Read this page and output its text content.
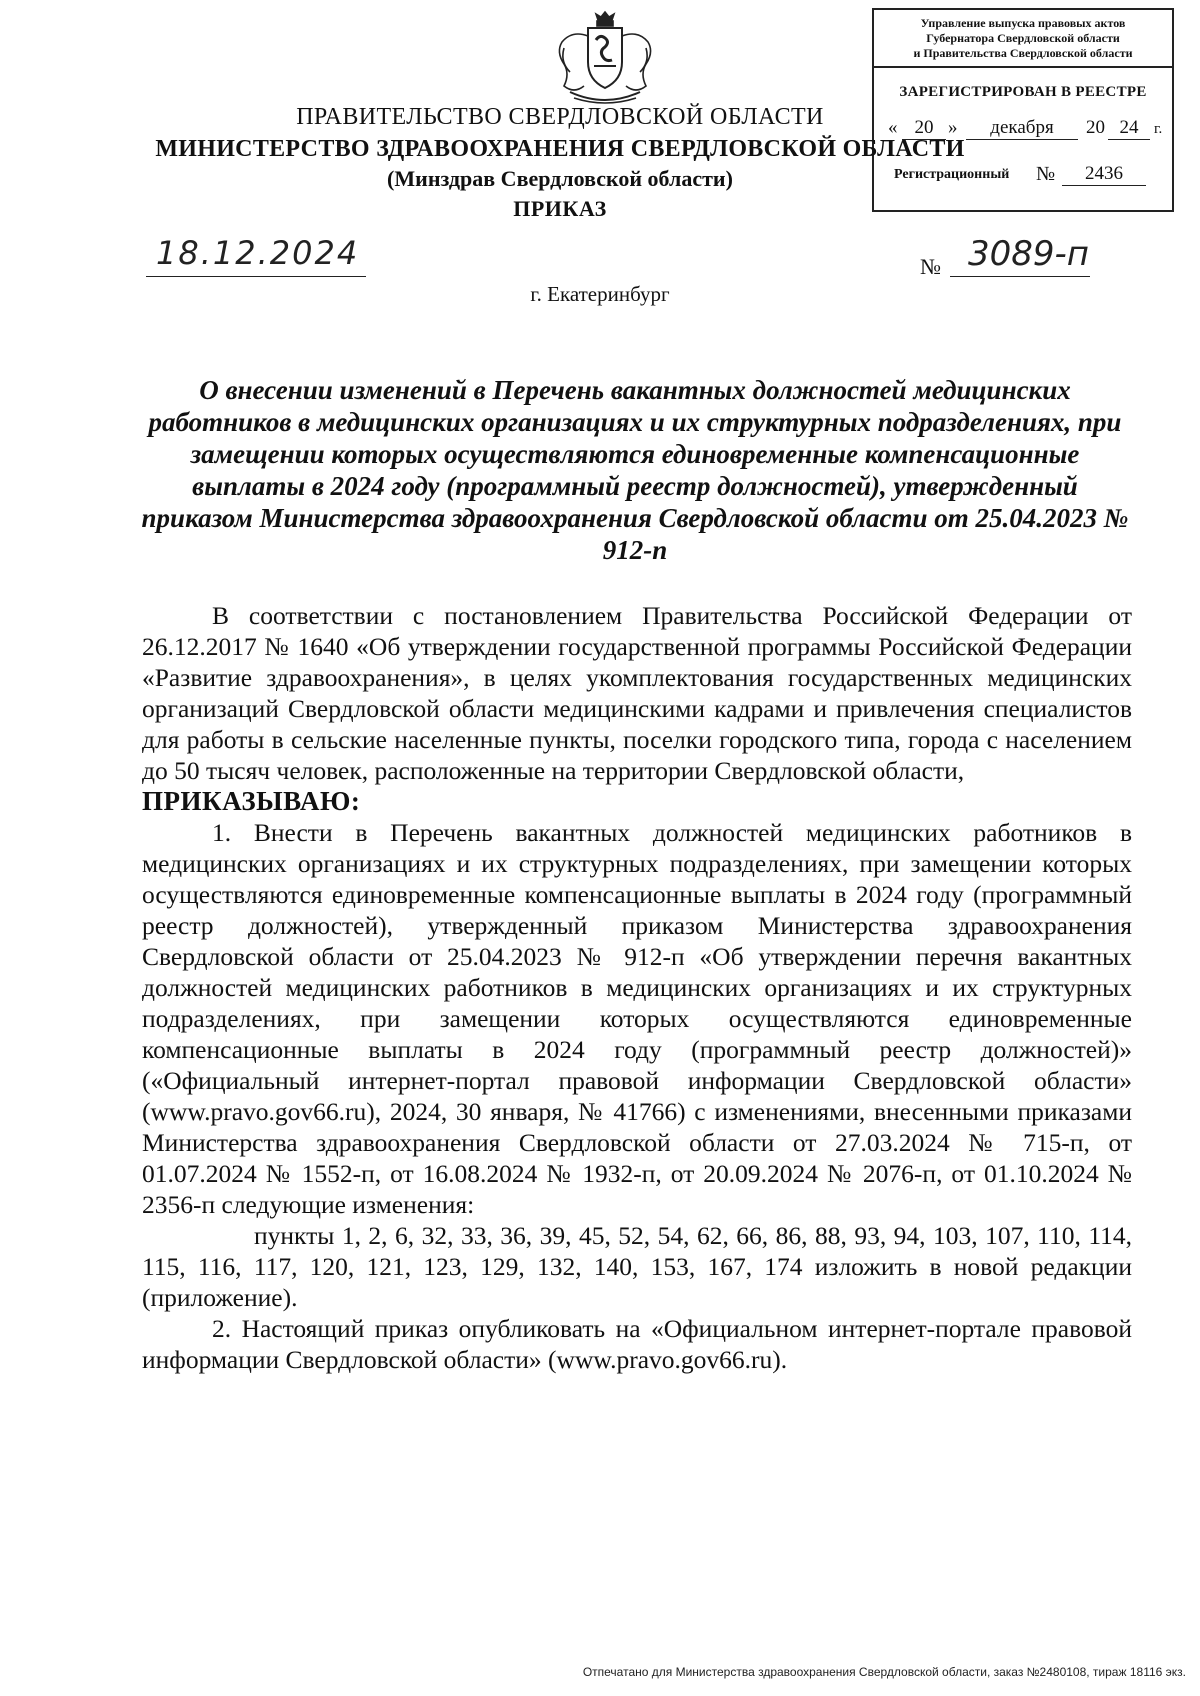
Управление выпуска правовых актов
Губернатора Свердловской области
и Правительства Свердловской области
ЗАРЕГИСТРИРОВАН В РЕЕСТРЕ
« 20 »	декабря	20 24	г.
Регистрационный №	2436
ПРАВИТЕЛЬСТВО СВЕРДЛОВСКОЙ ОБЛАСТИ
МИНИСТЕРСТВО ЗДРАВООХРАНЕНИЯ СВЕРДЛОВСКОЙ ОБЛАСТИ
(Минздрав Свердловской области)
ПРИКАЗ
18.12.2024	№ 3089-п
г. Екатеринбург
О внесении изменений в Перечень вакантных должностей медицинских работников в медицинских организациях и их структурных подразделениях, при замещении которых осуществляются единовременные компенсационные выплаты в 2024 году (программный реестр должностей), утвержденный приказом Министерства здравоохранения Свердловской области от 25.04.2023 № 912-п

В соответствии с постановлением Правительства Российской Федерации от 26.12.2017 № 1640 «Об утверждении государственной программы Российской Федерации «Развитие здравоохранения», в целях укомплектования государственных медицинских организаций Свердловской области медицинскими кадрами и привлечения специалистов для работы в сельские населенные пункты, поселки городского типа, города с населением до 50 тысяч человек, расположенные на территории Свердловской области,

ПРИКАЗЫВАЮ:

1. Внести в Перечень вакантных должностей медицинских работников в медицинских организациях и их структурных подразделениях, при замещении которых осуществляются единовременные компенсационные выплаты в 2024 году (программный реестр должностей), утвержденный приказом Министерства здравоохранения Свердловской области от 25.04.2023 № 912-п «Об утверждении перечня вакантных должностей медицинских работников в медицинских организациях и их структурных подразделениях, при замещении которых осуществляются единовременные компенсационные выплаты в 2024 году (программный реестр должностей)» («Официальный интернет-портал правовой информации Свердловской области» (www.pravo.gov66.ru), 2024, 30 января, № 41766) с изменениями, внесенными приказами Министерства здравоохранения Свердловской области от 27.03.2024 № 715-п, от 01.07.2024 № 1552-п, от 16.08.2024 № 1932-п, от 20.09.2024 № 2076-п, от 01.10.2024 № 2356-п следующие изменения:

пункты 1, 2, 6, 32, 33, 36, 39, 45, 52, 54, 62, 66, 86, 88, 93, 94, 103, 107, 110, 114, 115, 116, 117, 120, 121, 123, 129, 132, 140, 153, 167, 174 изложить в новой редакции (приложение).

2. Настоящий приказ опубликовать на «Официальном интернет-портале правовой информации Свердловской области» (www.pravo.gov66.ru).

Отпечатано для Министерства здравоохранения Свердловской области, заказ №2480108, тираж 18116 экз.
